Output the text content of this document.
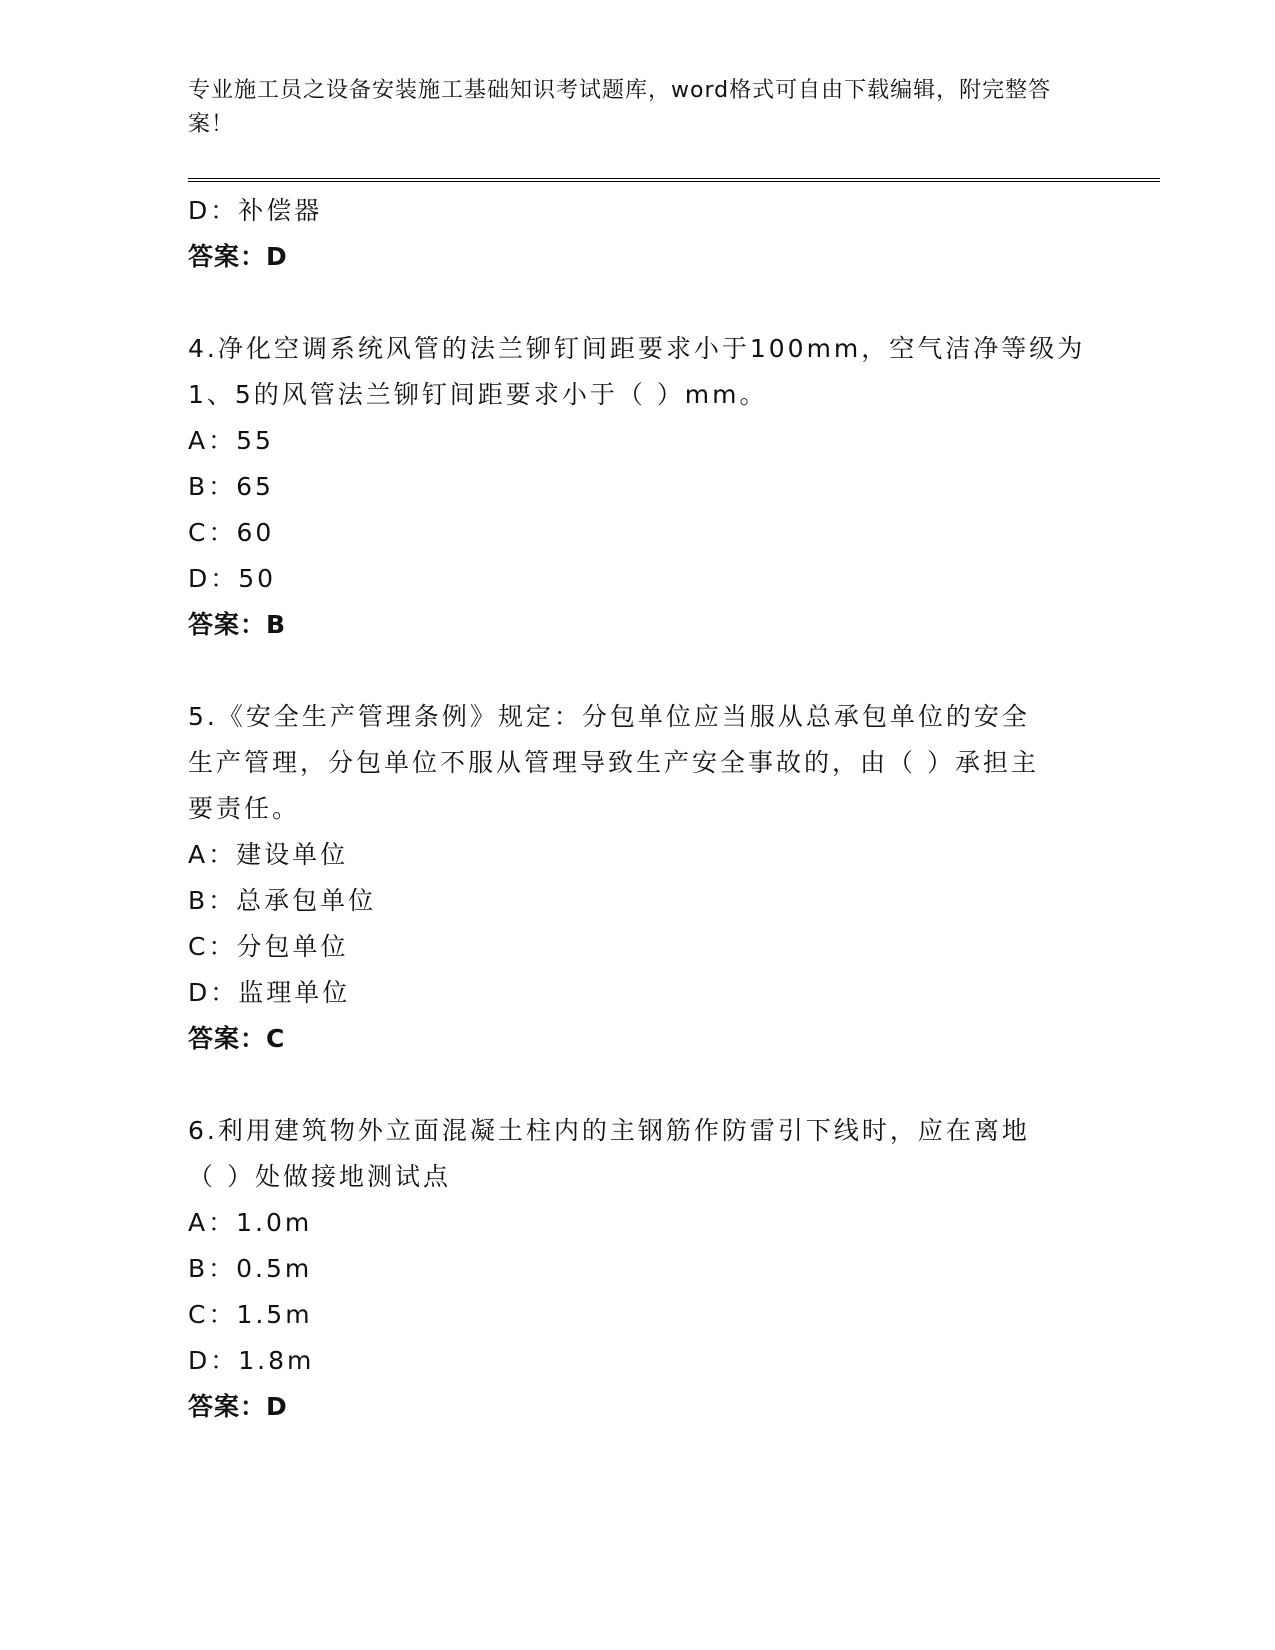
专业施工员之设备安装施工基础知识考试题库，word格式可自由下载编辑，附完整答案！
D：补偿器
答案：D
4.净化空调系统风管的法兰铆钉间距要求小于100mm，空气洁净等级为
1、5的风管法兰铆钉间距要求小于（ ）mm。
A：55
B：65
C：60
D：50
答案：B
5.《安全生产管理条例》规定：分包单位应当服从总承包单位的安全
生产管理，分包单位不服从管理导致生产安全事故的，由（ ）承担主
要责任。
A：建设单位
B：总承包单位
C：分包单位
D：监理单位
答案：C
6.利用建筑物外立面混凝土柱内的主钢筋作防雷引下线时，应在离地
（ ）处做接地测试点
A：1.0m
B：0.5m
C：1.5m
D：1.8m
答案：D
